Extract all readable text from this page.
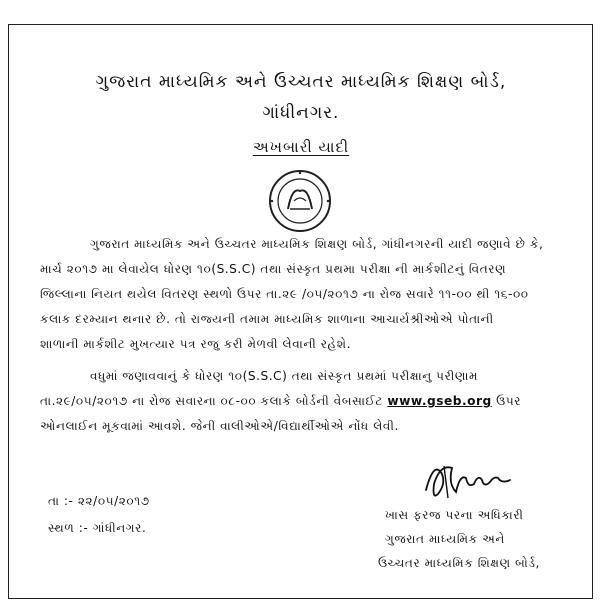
ગુજરાત માધ્યમિક અને ઉચ્ચતર માધ્યમિક શિક્ષણ બોર્ડ,
ગાંધીનગર.
અખબારી યાદી
ગુજરાત માધ્યમિક અને ઉચ્ચતર માધ્યમિક શિક્ષણ બોર્ડ, ગાંધીનગરની યાદી જણાવે છે કે,
માર્ચ ૨૦૧૭ મા લેવાયેલ ધોરણ ૧૦(S.S.C) તથા સંસ્કૃત પ્રથમા પરીક્ષા ની માર્કશીટનું વિતરણ
જિલ્લાના નિયત થયેલ વિતરણ સ્થળો ઉપર તા.૨૯ /૦૫/૨૦૧૭ ના રોજ સવારે ૧૧-૦૦ થી ૧૬-૦૦
કલાક દરમ્યાન થનાર છે. તો રાજ્યની તમામ માધ્યમિક શાળાના આચાર્યશ્રીઓએ પોતાની
શાળાની માર્કશીટ મુખત્યાર પત્ર રજુ કરી મેળવી લેવાની રહેશે.
વધુમાં જણાવવાનું કે ધોરણ ૧૦(S.S.C) તથા સંસ્કૃત પ્રથમાં પરીક્ષાનુ પરીણામ
તા.૨૯/૦૫/૨૦૧૭ ના રોજ સવારના ૦૮-૦૦ કલાકે બોર્ડની વેબસાઈટ www.gseb.org ઉપર
ઓનલાઈન મૂકવામાં આવશે. જેની વાલીઓએ/વિદ્યાર્થીઓએ નોંધ લેવી.
તા :- ૨૨/૦૫/૨૦૧૭
સ્થળ :- ગાંધીનગર.
ખાસ ફરજ પરના અધિકારી
ગુજરાત માધ્યમિક અને
ઉચ્ચતર માધ્યમિક શિક્ષણ બોર્ડ,
